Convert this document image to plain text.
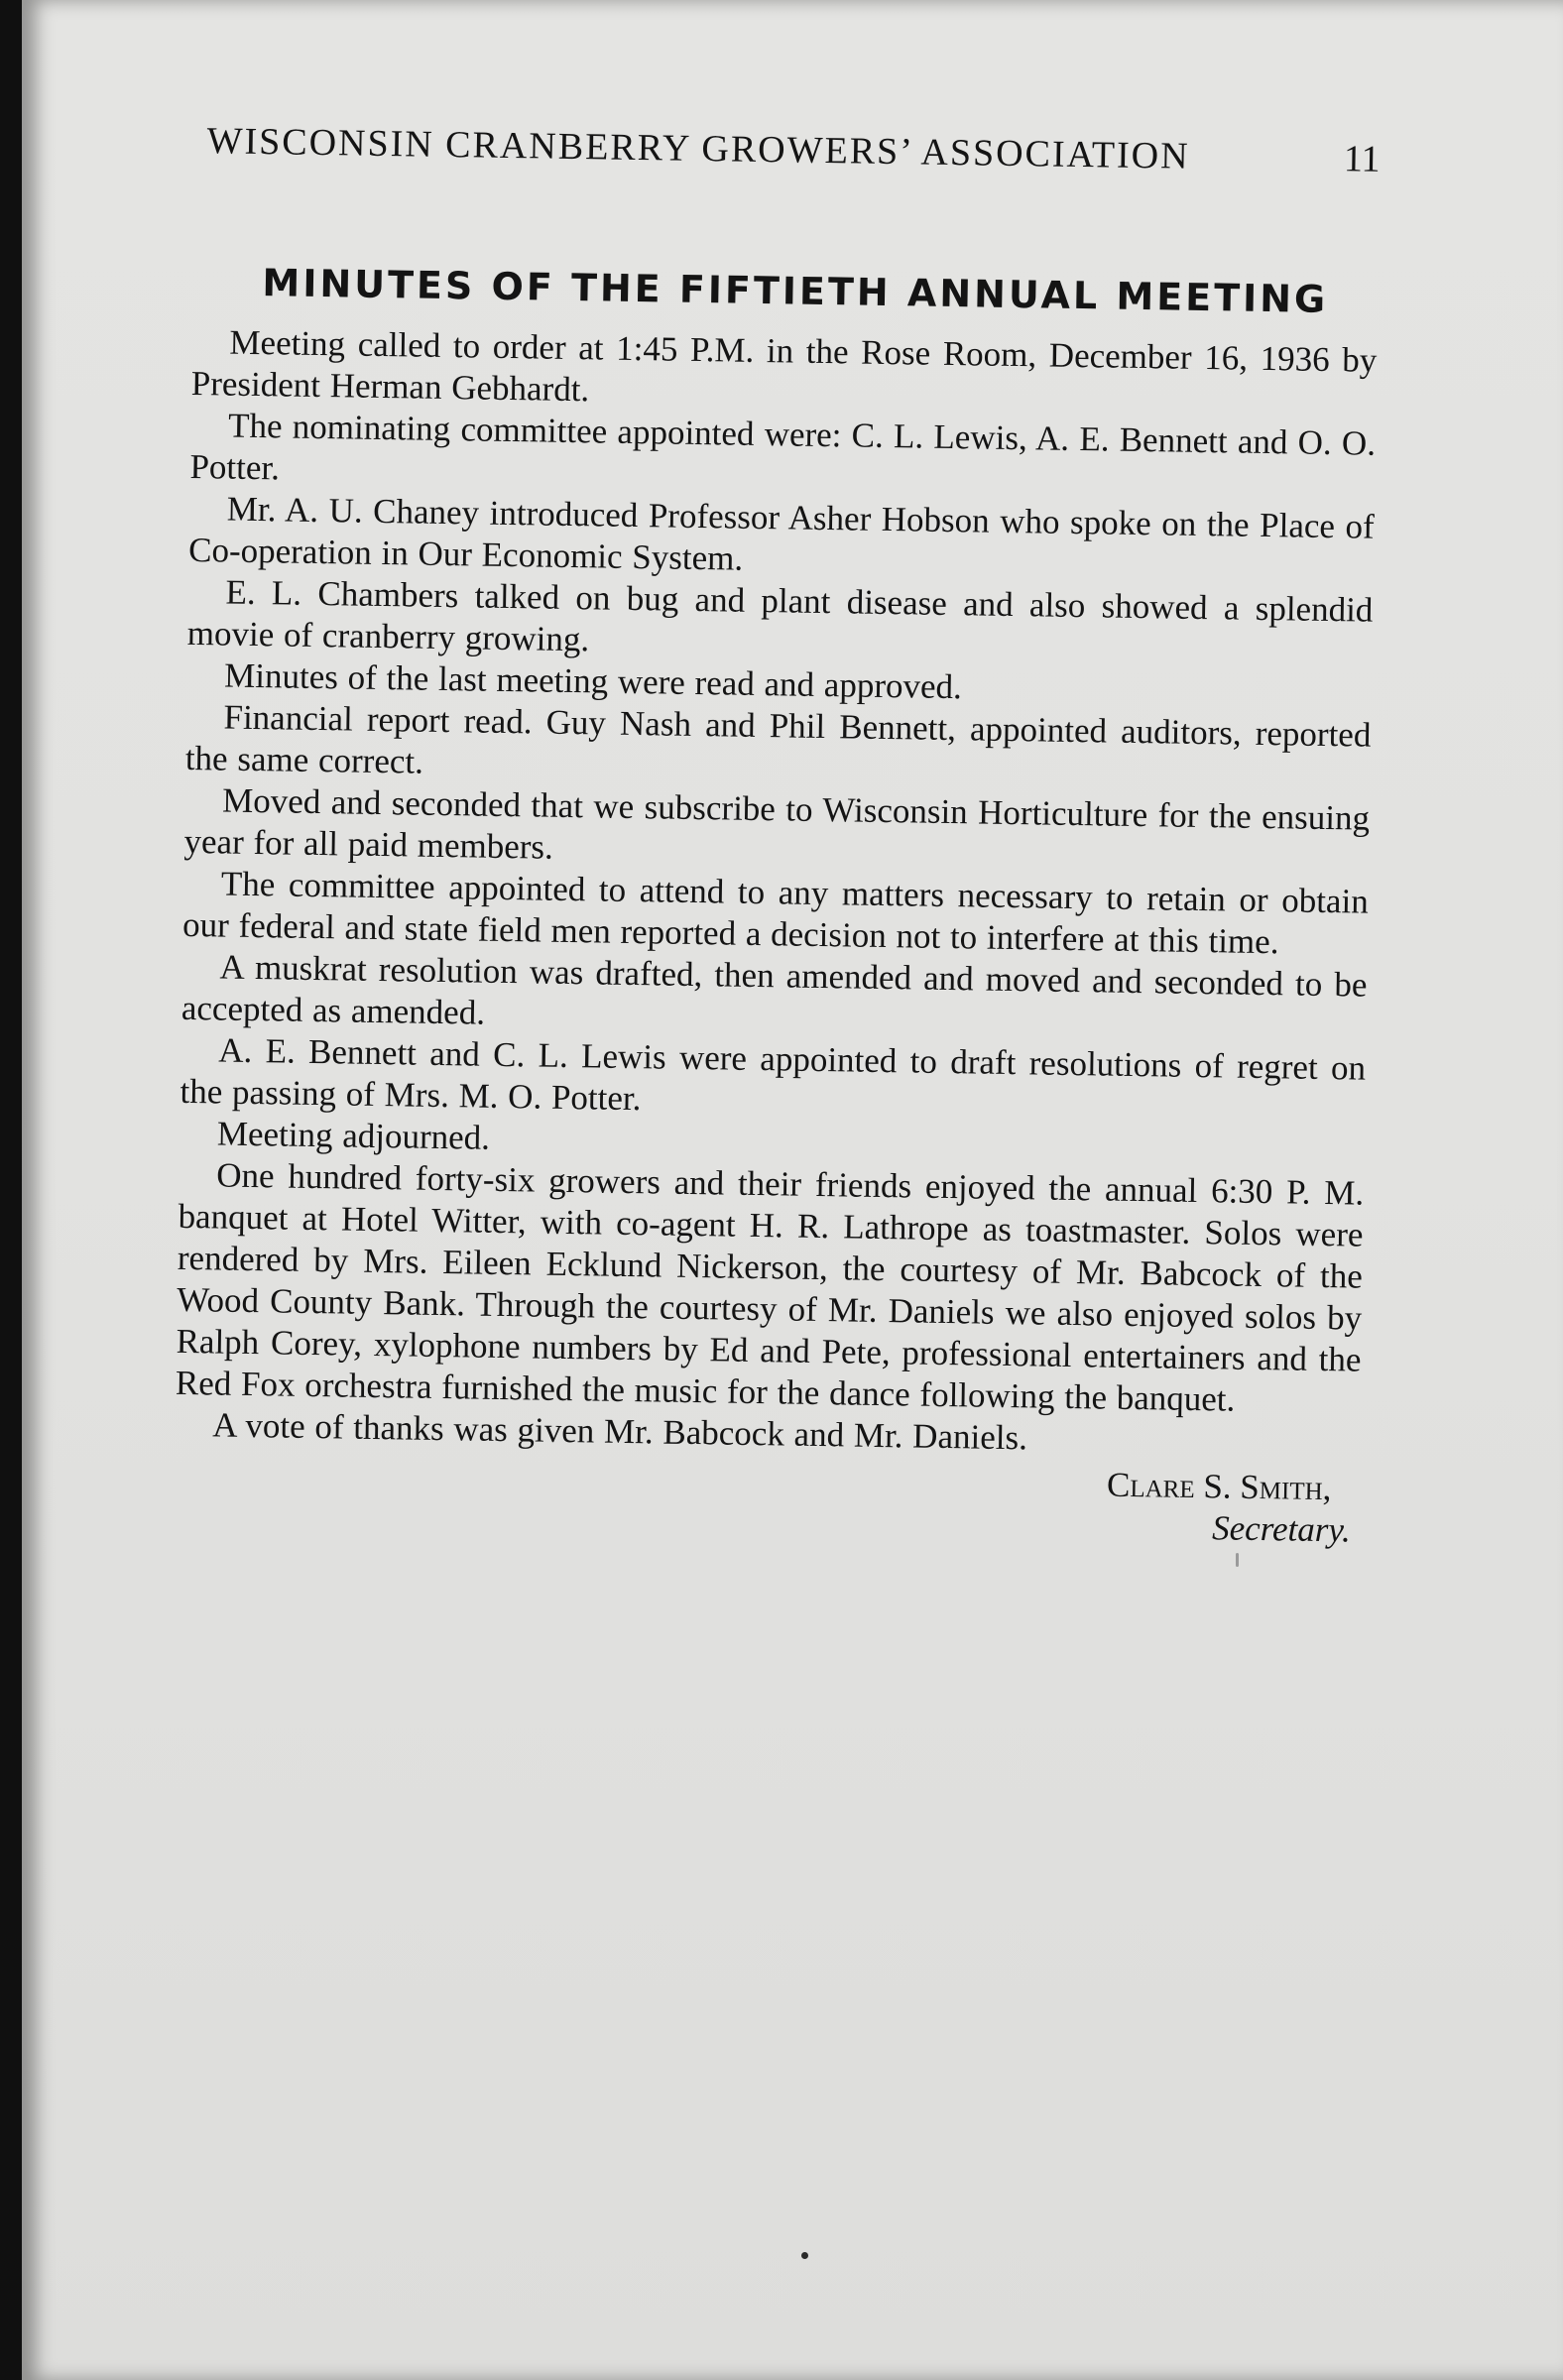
WISCONSIN CRANBERRY GROWERS’ ASSOCIATION	11
MINUTES OF THE FIFTIETH ANNUAL MEETING

Meeting called to order at 1:45 P.M. in the Rose Room, December 16, 1936 by President Herman Gebhardt.

The nominating committee appointed were: C. L. Lewis, A. E. Bennett and O. O. Potter.

Mr. A. U. Chaney introduced Professor Asher Hobson who spoke on the Place of Co-operation in Our Economic System.

E. L. Chambers talked on bug and plant disease and also showed a splendid movie of cranberry growing.

Minutes of the last meeting were read and approved.

Financial report read. Guy Nash and Phil Bennett, appointed auditors, reported the same correct.

Moved and seconded that we subscribe to Wisconsin Horticulture for the ensuing year for all paid members.

The committee appointed to attend to any matters necessary to retain or obtain our federal and state field men reported a decision not to interfere at this time.

A muskrat resolution was drafted, then amended and moved and seconded to be accepted as amended.

A. E. Bennett and C. L. Lewis were appointed to draft resolutions of regret on the passing of Mrs. M. O. Potter.

Meeting adjourned.

One hundred forty-six growers and their friends enjoyed the annual 6:30 P. M. banquet at Hotel Witter, with co-agent H. R. Lathrope as toastmaster. Solos were rendered by Mrs. Eileen Ecklund Nickerson, the courtesy of Mr. Babcock of the Wood County Bank. Through the courtesy of Mr. Daniels we also enjoyed solos by Ralph Corey, xylophone numbers by Ed and Pete, professional entertainers and the Red Fox orchestra furnished the music for the dance following the banquet.

A vote of thanks was given Mr. Babcock and Mr. Daniels.

Clare S. Smith,
Secretary.
